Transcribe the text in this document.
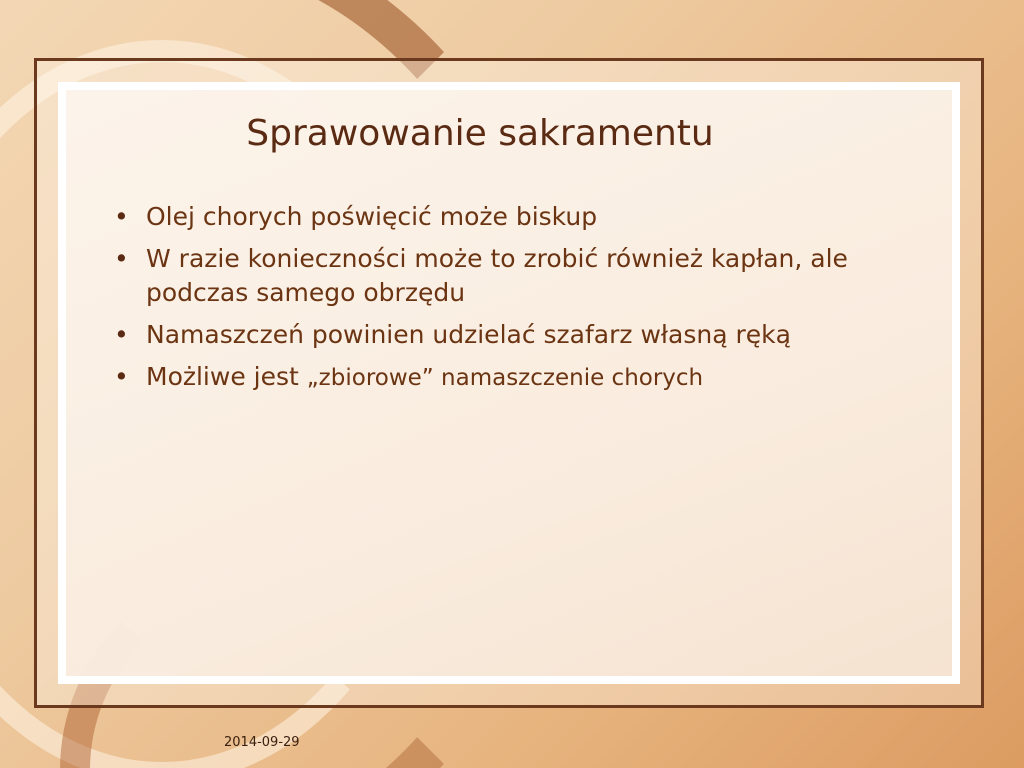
Sprawowanie sakramentu
• Olej chorych poświęcić może biskup
• W razie konieczności może to zrobić również kapłan, ale podczas samego obrzędu
• Namaszczeń powinien udzielać szafarz własną ręką
• Możliwe jest „zbiorowe” namaszczenie chorych
2014-09-29
